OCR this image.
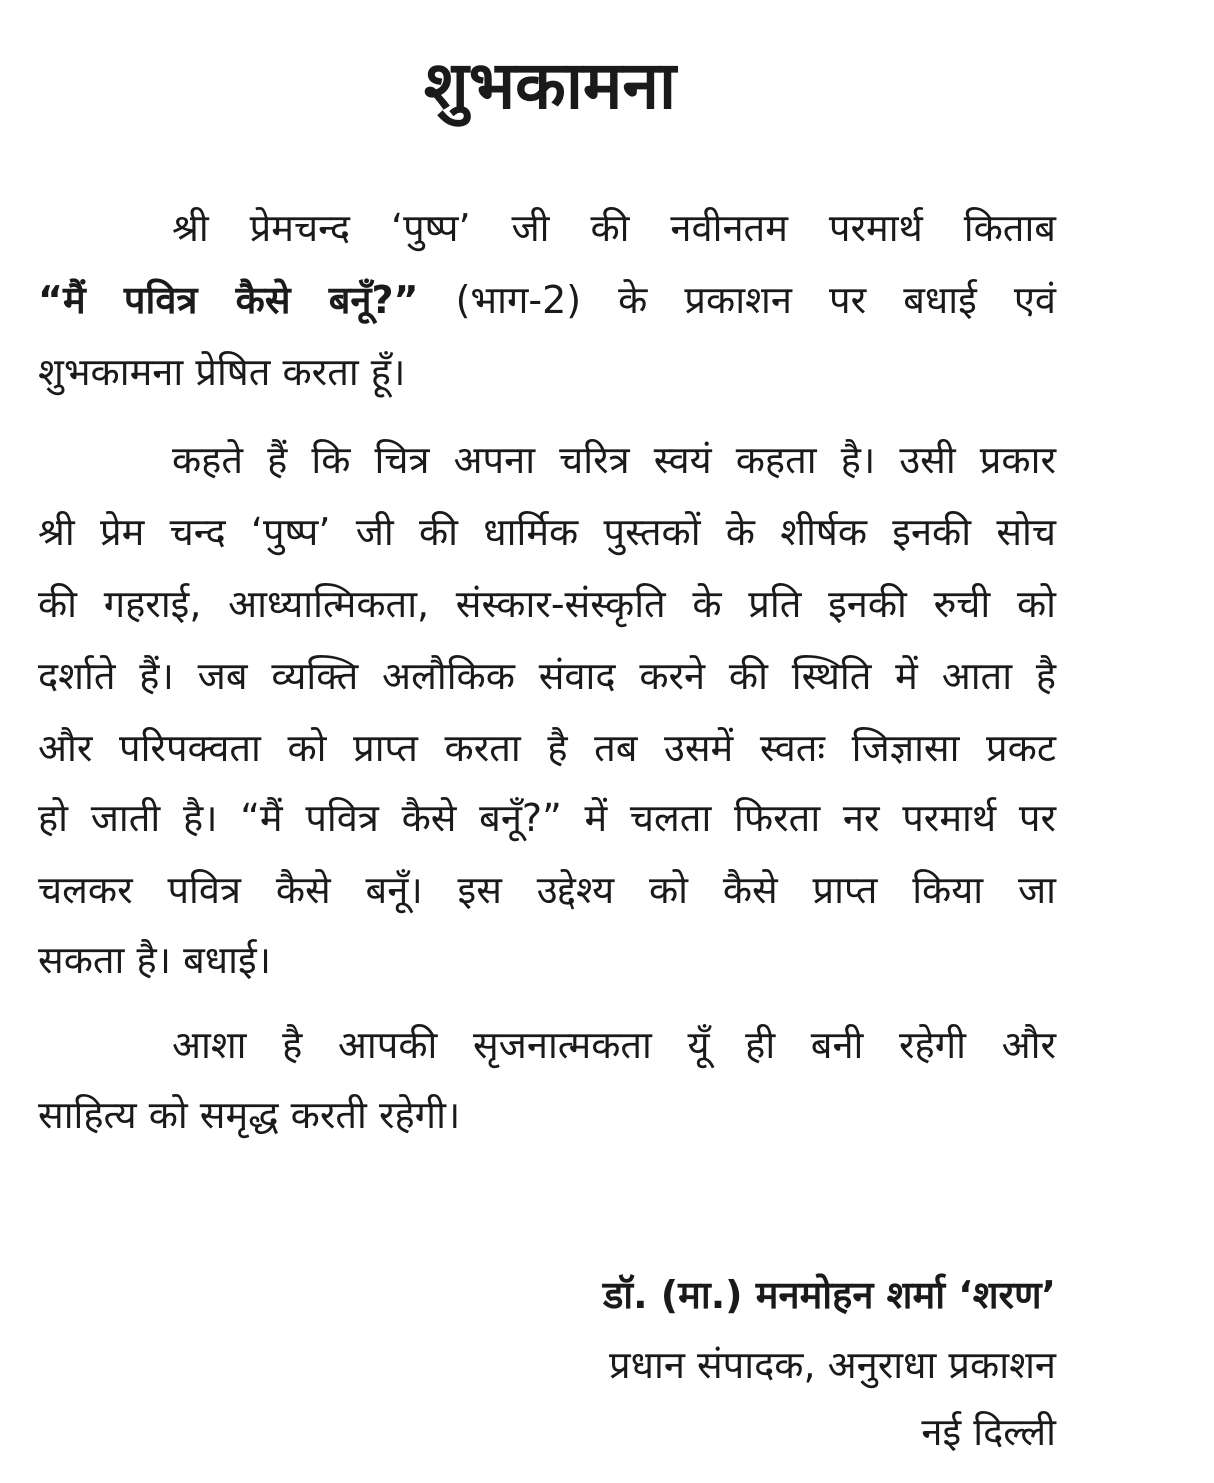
शुभकामना
श्री प्रेमचन्द ‘पुष्प’ जी की नवीनतम परमार्थ किताब
“मैं पवित्र कैसे बनूँ?” (भाग-2) के प्रकाशन पर बधाई एवं
शुभकामना प्रेषित करता हूँ।
कहते हैं कि चित्र अपना चरित्र स्वयं कहता है। उसी प्रकार
श्री प्रेम चन्द ‘पुष्प’ जी की धार्मिक पुस्तकों के शीर्षक इनकी सोच
की गहराई, आध्यात्मिकता, संस्कार-संस्कृति के प्रति इनकी रुची को
दर्शाते हैं। जब व्यक्ति अलौकिक संवाद करने की स्थिति में आता है
और परिपक्वता को प्राप्त करता है तब उसमें स्वतः जिज्ञासा प्रकट
हो जाती है। “मैं पवित्र कैसे बनूँ?” में चलता फिरता नर परमार्थ पर
चलकर पवित्र कैसे बनूँ। इस उद्देश्य को कैसे प्राप्त किया जा
सकता है। बधाई।
आशा है आपकी सृजनात्मकता यूँ ही बनी रहेगी और
साहित्य को समृद्ध करती रहेगी।
डॉ. (मा.) मनमोहन शर्मा ‘शरण’
प्रधान संपादक, अनुराधा प्रकाशन
नई दिल्ली
